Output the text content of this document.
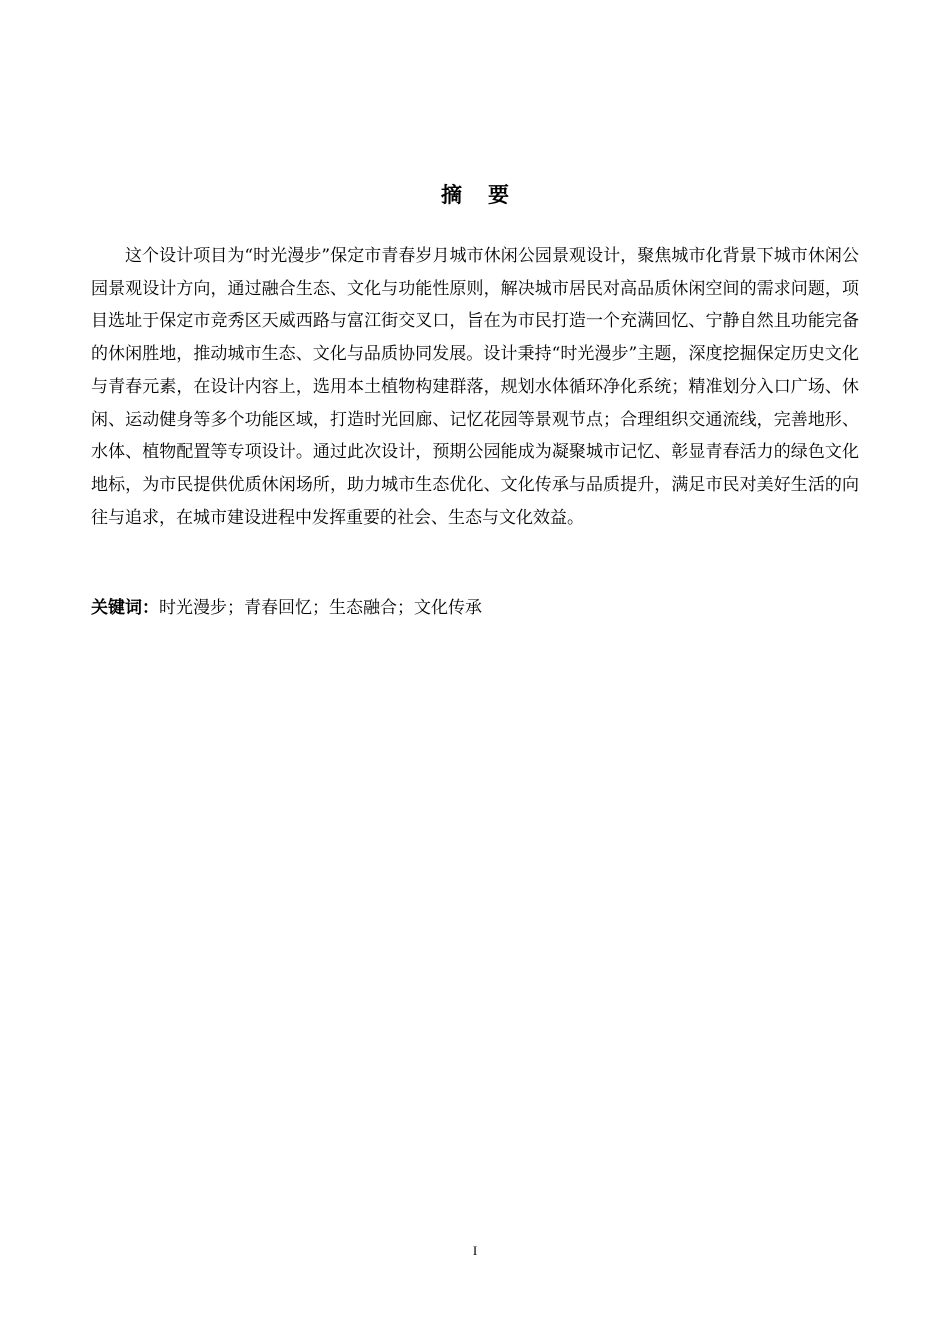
摘 要

这个设计项目为“时光漫步”保定市青春岁月城市休闲公园景观设计，聚焦城市化背景下城市休闲公园景观设计方向，通过融合生态、文化与功能性原则，解决城市居民对高品质休闲空间的需求问题，项目选址于保定市竞秀区天威西路与富江街交叉口，旨在为市民打造一个充满回忆、宁静自然且功能完备的休闲胜地，推动城市生态、文化与品质协同发展。设计秉持“时光漫步”主题，深度挖掘保定历史文化与青春元素，在设计内容上，选用本土植物构建群落，规划水体循环净化系统；精准划分入口广场、休闲、运动健身等多个功能区域，打造时光回廊、记忆花园等景观节点；合理组织交通流线，完善地形、水体、植物配置等专项设计。通过此次设计，预期公园能成为凝聚城市记忆、彰显青春活力的绿色文化地标，为市民提供优质休闲场所，助力城市生态优化、文化传承与品质提升，满足市民对美好生活的向往与追求，在城市建设进程中发挥重要的社会、生态与文化效益。

关键词：时光漫步；青春回忆；生态融合；文化传承

I
